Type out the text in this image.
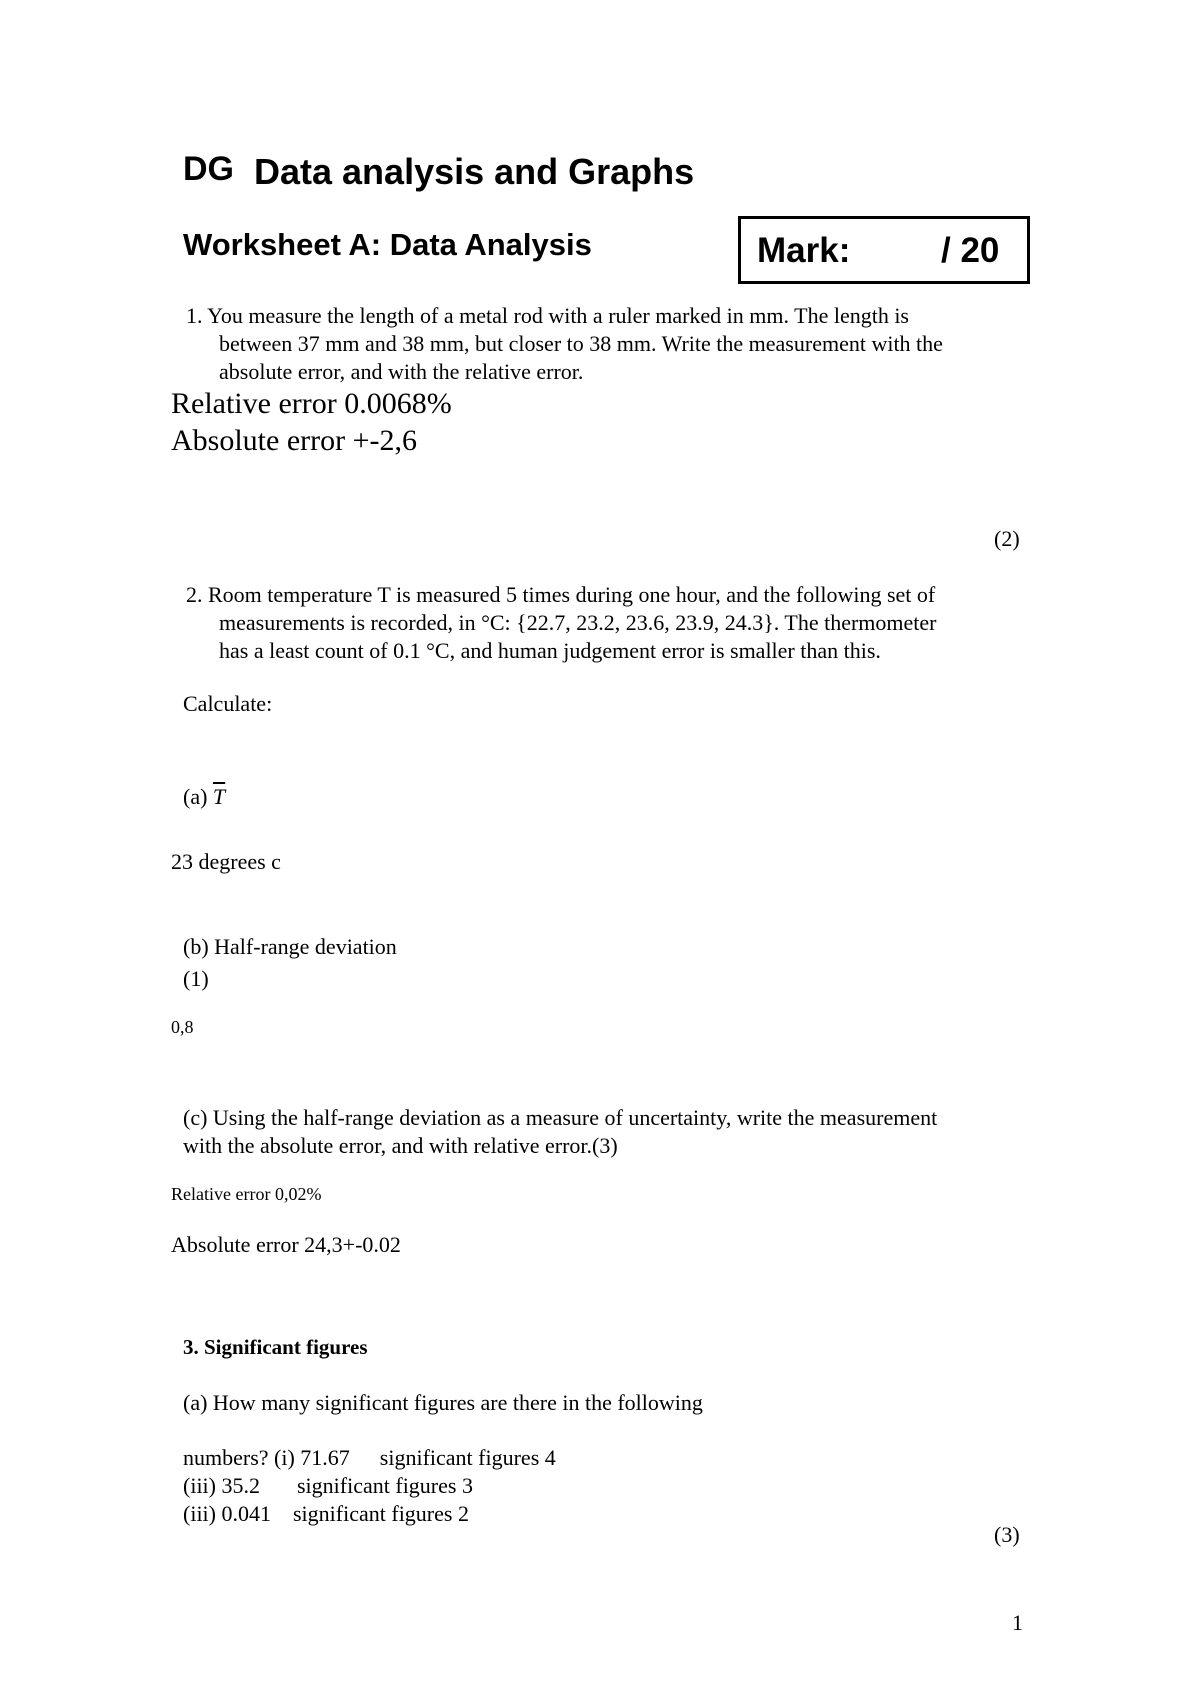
DG Data analysis and Graphs
Worksheet A: Data Analysis	Mark:	/ 20
1. You measure the length of a metal rod with a ruler marked in mm. The length is
between 37 mm and 38 mm, but closer to 38 mm. Write the measurement with the
absolute error, and with the relative error.
Relative error 0.0068%
Absolute error +-2,6
(2)
2. Room temperature T is measured 5 times during one hour, and the following set of
measurements is recorded, in °C: {22.7, 23.2, 23.6, 23.9, 24.3}. The thermometer
has a least count of 0.1 °C, and human judgement error is smaller than this.
Calculate:
(a) $\overline{T}$
23 degrees c
(b) Half-range deviation
(1)
0,8
(c) Using the half-range deviation as a measure of uncertainty, write the measurement
with the absolute error, and with relative error.(3)
Relative error 0,02%
Absolute error 24,3+-0.02
3. Significant figures
(a) How many significant figures are there in the following
numbers? (i) 71.67 significant figures 4
(iii) 35.2 significant figures 3
(iii) 0.041 significant figures 2
(3)
1
